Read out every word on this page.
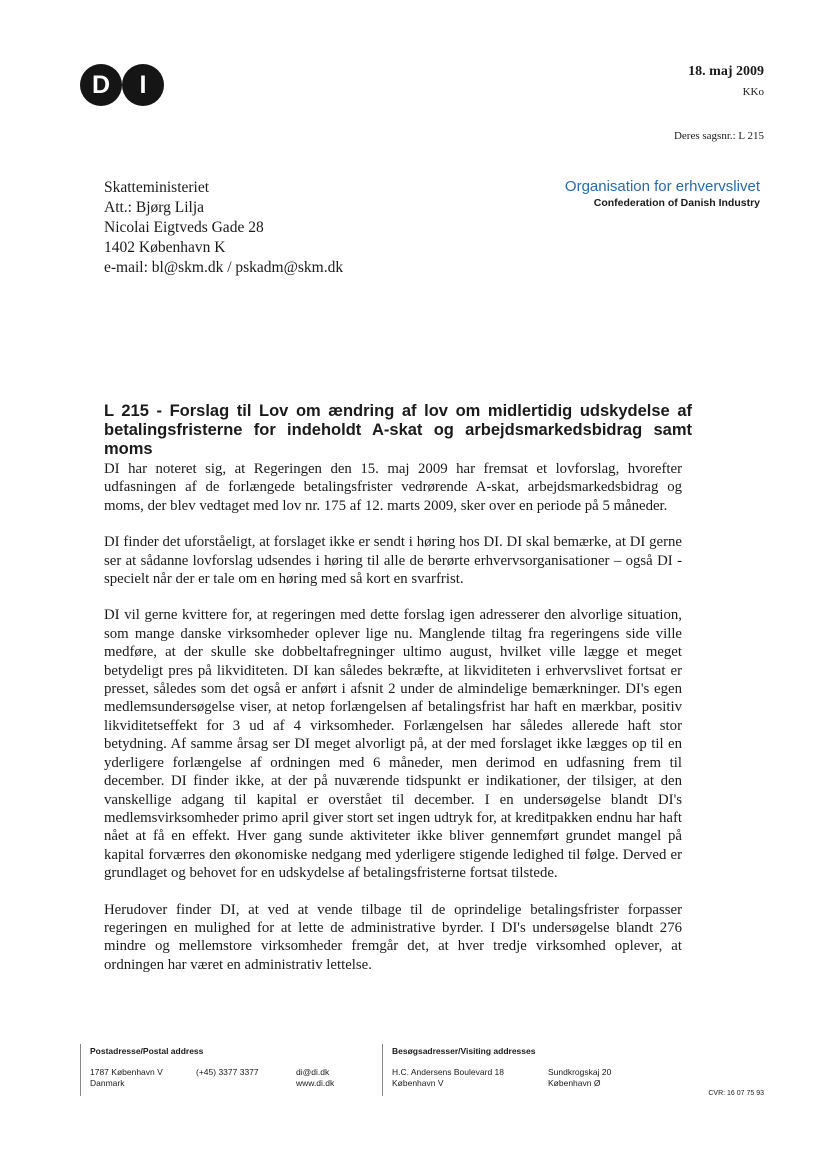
D	I	18. maj 2009
KKo
Deres sagsnr.: L 215
Skatteministeriet
Att.: Bjørg Lilja
Nicolai Eigtveds Gade 28
1402 København K
e-mail: bl@skm.dk / pskadm@skm.dk
Organisation for erhvervslivet
Confederation of Danish Industry
L 215 - Forslag til Lov om ændring af lov om midlertidig udskydelse af betalingsfristerne for indeholdt A-skat og arbejdsmarkedsbidrag samt moms

DI har noteret sig, at Regeringen den 15. maj 2009 har fremsat et lovforslag, hvorefter udfasningen af de forlængede betalingsfrister vedrørende A-skat, arbejdsmarkedsbidrag og moms, der blev vedtaget med lov nr. 175 af 12. marts 2009, sker over en periode på 5 måneder.

DI finder det uforståeligt, at forslaget ikke er sendt i høring hos DI. DI skal bemærke, at DI gerne ser at sådanne lovforslag udsendes i høring til alle de berørte erhvervsorganisationer – også DI - specielt når der er tale om en høring med så kort en svarfrist.

DI vil gerne kvittere for, at regeringen med dette forslag igen adresserer den alvorlige situation, som mange danske virksomheder oplever lige nu. Manglende tiltag fra regeringens side ville medføre, at der skulle ske dobbeltafregninger ultimo august, hvilket ville lægge et meget betydeligt pres på likviditeten. DI kan således bekræfte, at likviditeten i erhvervslivet fortsat er presset, således som det også er anført i afsnit 2 under de almindelige bemærkninger. DI's egen medlemsundersøgelse viser, at netop forlængelsen af betalingsfrist har haft en mærkbar, positiv likviditetseffekt for 3 ud af 4 virksomheder. Forlængelsen har således allerede haft stor betydning. Af samme årsag ser DI meget alvorligt på, at der med forslaget ikke lægges op til en yderligere forlængelse af ordningen med 6 måneder, men derimod en udfasning frem til december. DI finder ikke, at der på nuværende tidspunkt er indikationer, der tilsiger, at den vanskellige adgang til kapital er overstået til december. I en undersøgelse blandt DI's medlemsvirksomheder primo april giver stort set ingen udtryk for, at kreditpakken endnu har haft nået at få en effekt. Hver gang sunde aktiviteter ikke bliver gennemført grundet mangel på kapital forværres den økonomiske nedgang med yderligere stigende ledighed til følge. Derved er grundlaget og behovet for en udskydelse af betalingsfristerne fortsat tilstede.

Herudover finder DI, at ved at vende tilbage til de oprindelige betalingsfrister forpasser regeringen en mulighed for at lette de administrative byrder. I DI's undersøgelse blandt 276 mindre og mellemstore virksomheder fremgår det, at hver tredje virksomhed oplever, at ordningen har været en administrativ lettelse.

Postadresse/Postal address
1787 København V
Danmark
(+45) 3377 3377	di@di.dk
www.di.dk
Besøgsadresser/Visiting addresses
H.C. Andersens Boulevard 18
København V
Sundkrogskaj 20
København Ø
CVR: 16 07 75 93
